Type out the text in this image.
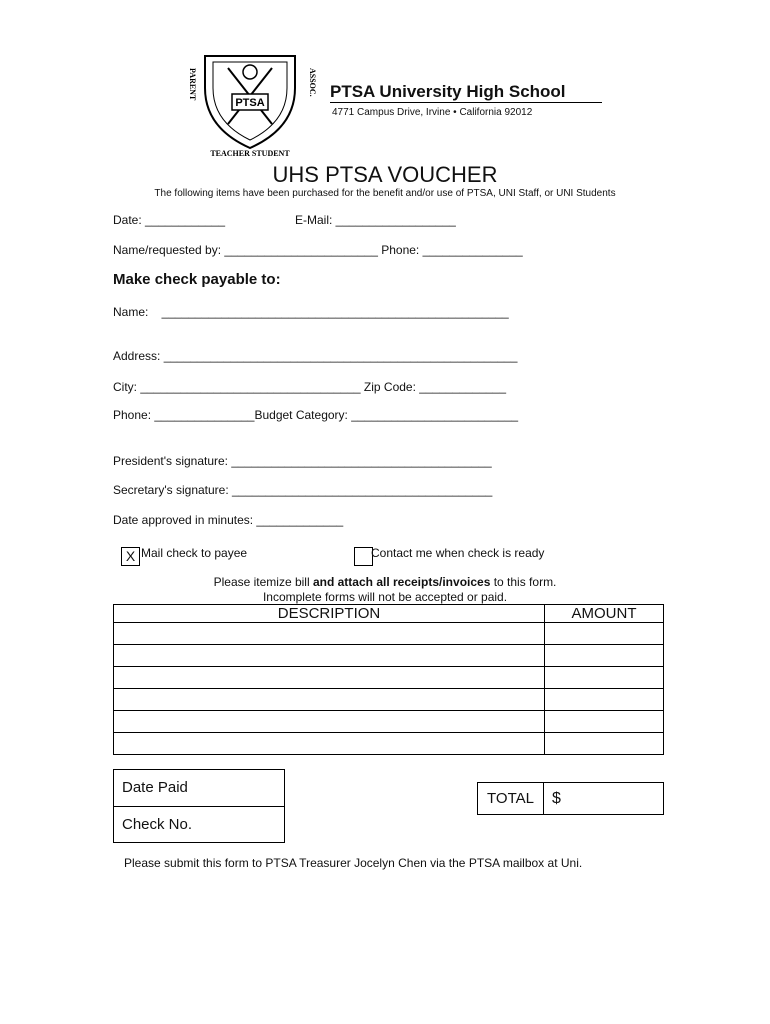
PTSA
PARENT
TEACHER STUDENT
ASSOC. PTSA University High School
4771 Campus Drive, Irvine • California 92012
UHS PTSA VOUCHER
The following items have been purchased for the benefit and/or use of PTSA, UNI Staff, or UNI Students
Date: ____________	E-Mail: __________________
Name/requested by: _______________________ Phone: _______________
Make check payable to:
Name:    ____________________________________________________
Address: _____________________________________________________
City: _________________________________ Zip Code: _____________
Phone: _______________Budget Category: _________________________
President's signature: _______________________________________
Secretary's signature: _______________________________________
Date approved in minutes: _____________
X Mail check to payee	Contact me when check is ready
Please itemize bill and attach all receipts/invoices to this form.
Incomplete forms will not be accepted or paid.
DESCRIPTION	AMOUNT

Date Paid
Check No.
TOTAL	$
Please submit this form to PTSA Treasurer Jocelyn Chen via the PTSA mailbox at Uni.
